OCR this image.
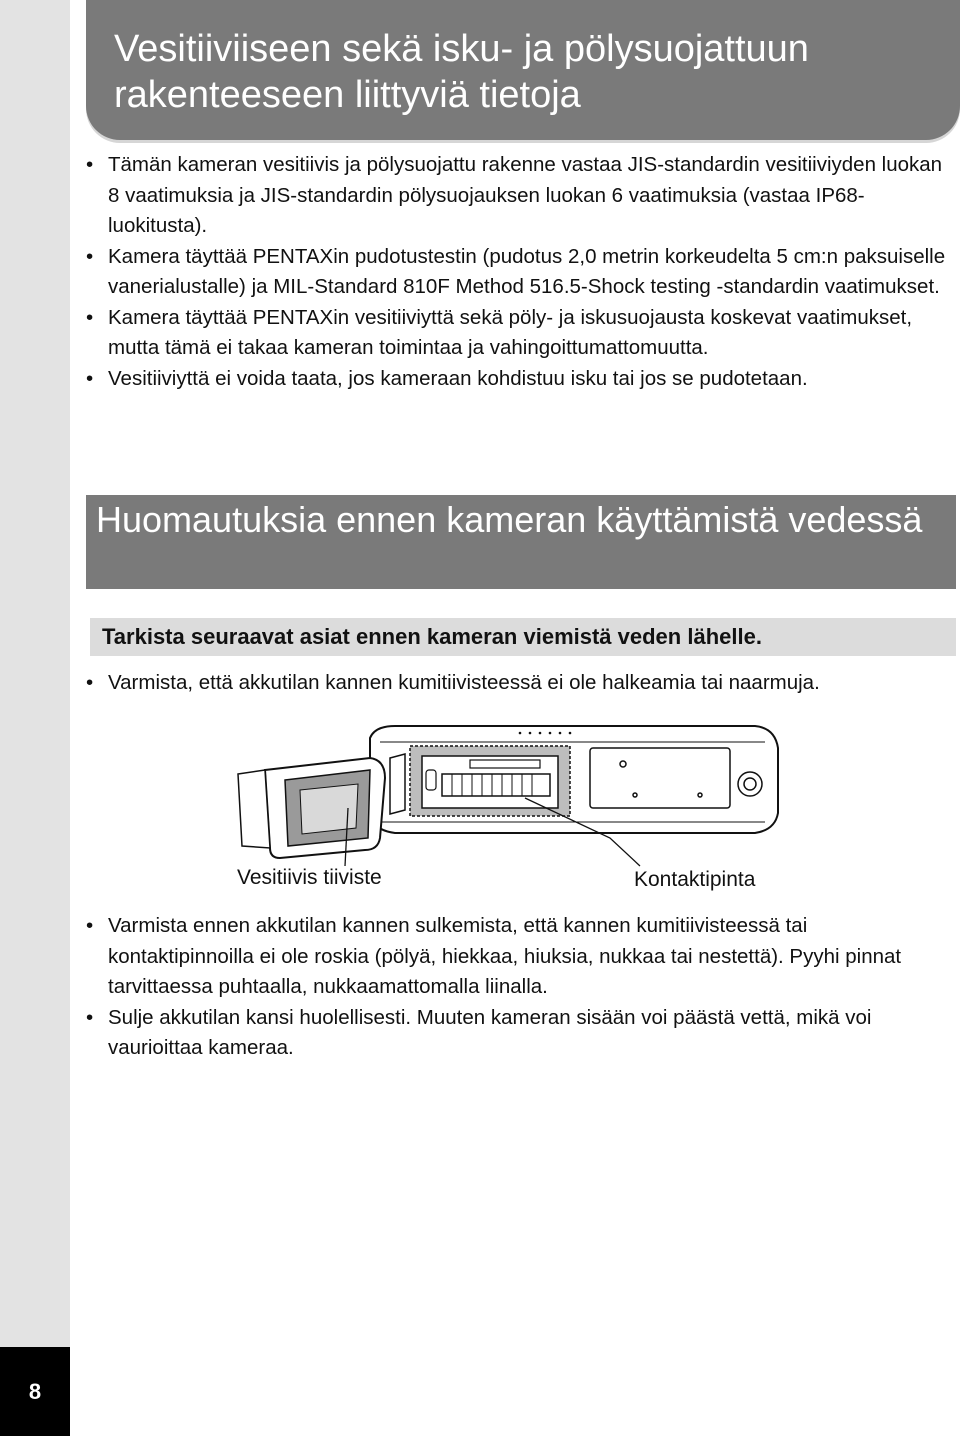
8
Vesitiiviiseen sekä isku- ja pölysuojattuun rakenteeseen liittyviä tietoja
• Tämän kameran vesitiivis ja pölysuojattu rakenne vastaa JIS-standardin vesitiiviyden luokan 8 vaatimuksia ja JIS-standardin pölysuojauksen luokan 6 vaatimuksia (vastaa IP68-luokitusta).
• Kamera täyttää PENTAXin pudotustestin (pudotus 2,0 metrin korkeudelta 5 cm:n paksuiselle vanerialustalle) ja MIL-Standard 810F Method 516.5-Shock testing -standardin vaatimukset.
• Kamera täyttää PENTAXin vesitiiviyttä sekä pöly- ja iskusuojausta koskevat vaatimukset, mutta tämä ei takaa kameran toimintaa ja vahingoittumattomuutta.
• Vesitiiviyttä ei voida taata, jos kameraan kohdistuu isku tai jos se pudotetaan.
Huomautuksia ennen kameran käyttämistä vedessä
Tarkista seuraavat asiat ennen kameran viemistä veden lähelle.
• Varmista, että akkutilan kannen kumitiivisteessä ei ole halkeamia tai naarmuja.
Vesitiivis tiiviste	Kontaktipinta
• Varmista ennen akkutilan kannen sulkemista, että kannen kumitiivisteessä tai kontaktipinnoilla ei ole roskia (pölyä, hiekkaa, hiuksia, nukkaa tai nestettä). Pyyhi pinnat tarvittaessa puhtaalla, nukkaamattomalla liinalla.
• Sulje akkutilan kansi huolellisesti. Muuten kameran sisään voi päästä vettä, mikä voi vaurioittaa kameraa.
